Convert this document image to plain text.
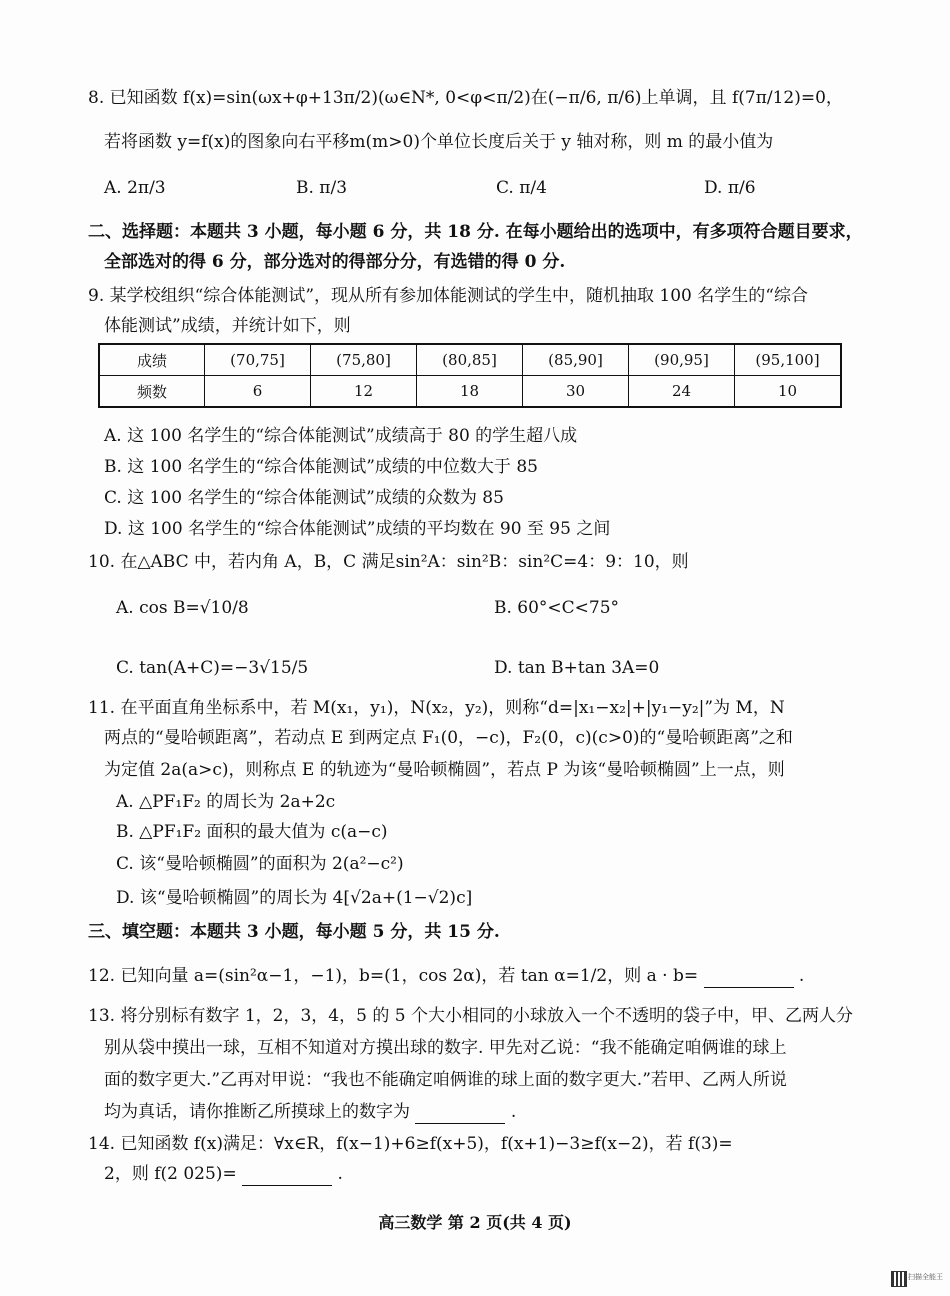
8. 已知函数 f(x)=sin(ωx+φ+13π/2)(ω∈N*, 0<φ<π/2)在(−π/6, π/6)上单调，且 f(7π/12)=0，
若将函数 y=f(x)的图象向右平移m(m>0)个单位长度后关于 y 轴对称，则 m 的最小值为
A. 2π/3	B. π/3	C. π/4	D. π/6
二、选择题：本题共 3 小题，每小题 6 分，共 18 分. 在每小题给出的选项中，有多项符合题目要求，
全部选对的得 6 分，部分选对的得部分分，有选错的得 0 分.
9. 某学校组织“综合体能测试”，现从所有参加体能测试的学生中，随机抽取 100 名学生的“综合
体能测试”成绩，并统计如下，则
成绩	(70,75]	(75,80]	(80,85]	(85,90]	(90,95]	(95,100]
频数	6	12	18	30	24	10
A. 这 100 名学生的“综合体能测试”成绩高于 80 的学生超八成
B. 这 100 名学生的“综合体能测试”成绩的中位数大于 85
C. 这 100 名学生的“综合体能测试”成绩的众数为 85
D. 这 100 名学生的“综合体能测试”成绩的平均数在 90 至 95 之间
10. 在△ABC 中，若内角 A，B，C 满足sin²A：sin²B：sin²C=4：9：10，则
A. cos B=√10/8	B. 60°<C<75°
C. tan(A+C)=−3√15/5	D. tan B+tan 3A=0
11. 在平面直角坐标系中，若 M(x₁，y₁)，N(x₂，y₂)，则称“d=|x₁−x₂|+|y₁−y₂|”为 M，N
两点的“曼哈顿距离”，若动点 E 到两定点 F₁(0，−c)，F₂(0，c)(c>0)的“曼哈顿距离”之和
为定值 2a(a>c)，则称点 E 的轨迹为“曼哈顿椭圆”，若点 P 为该“曼哈顿椭圆”上一点，则
A. △PF₁F₂ 的周长为 2a+2c
B. △PF₁F₂ 面积的最大值为 c(a−c)
C. 该“曼哈顿椭圆”的面积为 2(a²−c²)
D. 该“曼哈顿椭圆”的周长为 4[√2a+(1−√2)c]
三、填空题：本题共 3 小题，每小题 5 分，共 15 分.
12. 已知向量 a=(sin²α−1，−1)，b=(1，cos 2α)，若 tan α=1/2，则 a · b=	.
13. 将分别标有数字 1，2，3，4，5 的 5 个大小相同的小球放入一个不透明的袋子中，甲、乙两人分
别从袋中摸出一球，互相不知道对方摸出球的数字. 甲先对乙说：“我不能确定咱俩谁的球上
面的数字更大.”乙再对甲说：“我也不能确定咱俩谁的球上面的数字更大.”若甲、乙两人所说
均为真话，请你推断乙所摸球上的数字为	.
14. 已知函数 f(x)满足：∀x∈R，f(x−1)+6≥f(x+5)，f(x+1)−3≥f(x−2)，若 f(3)=
2，则 f(2 025)=	.
高三数学 第 2 页(共 4 页)
扫描全能王
